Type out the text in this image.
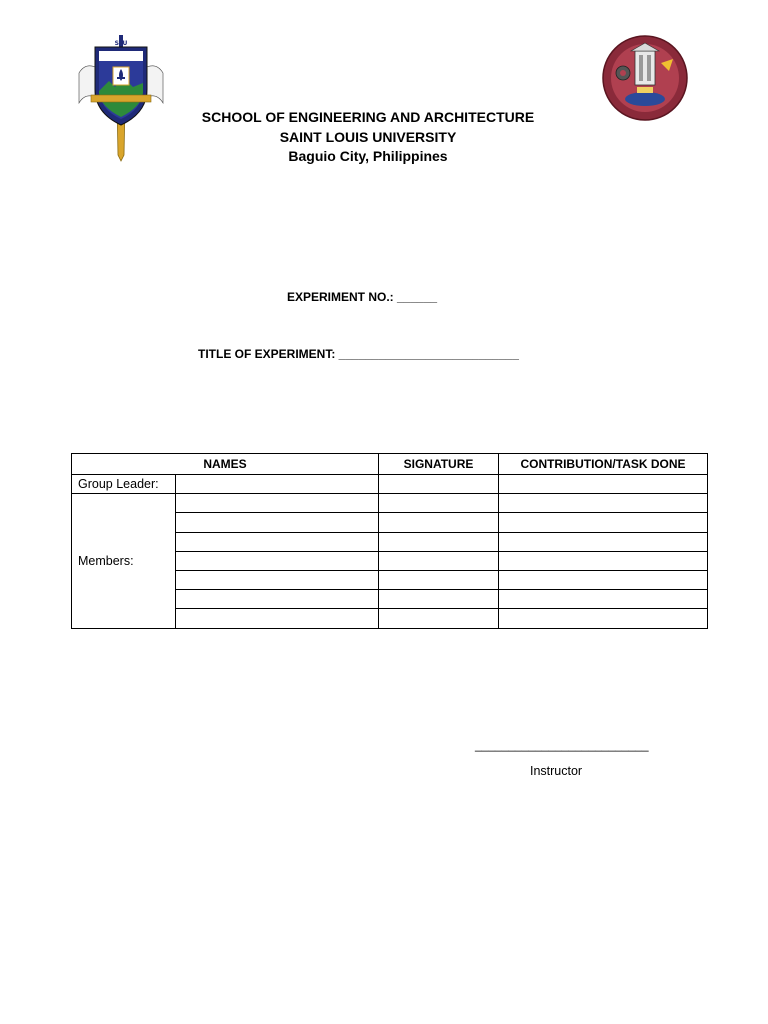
SLU
SCHOOL OF ENGINEERING AND ARCHITECTURE
SAINT LOUIS UNIVERSITY
Baguio City, Philippines
EXPERIMENT NO.: ______
TITLE OF EXPERIMENT: ___________________________
NAMES		SIGNATURE	CONTRIBUTION/TASK DONE
Group Leader:			
Members:			

__________________________
Instructor
